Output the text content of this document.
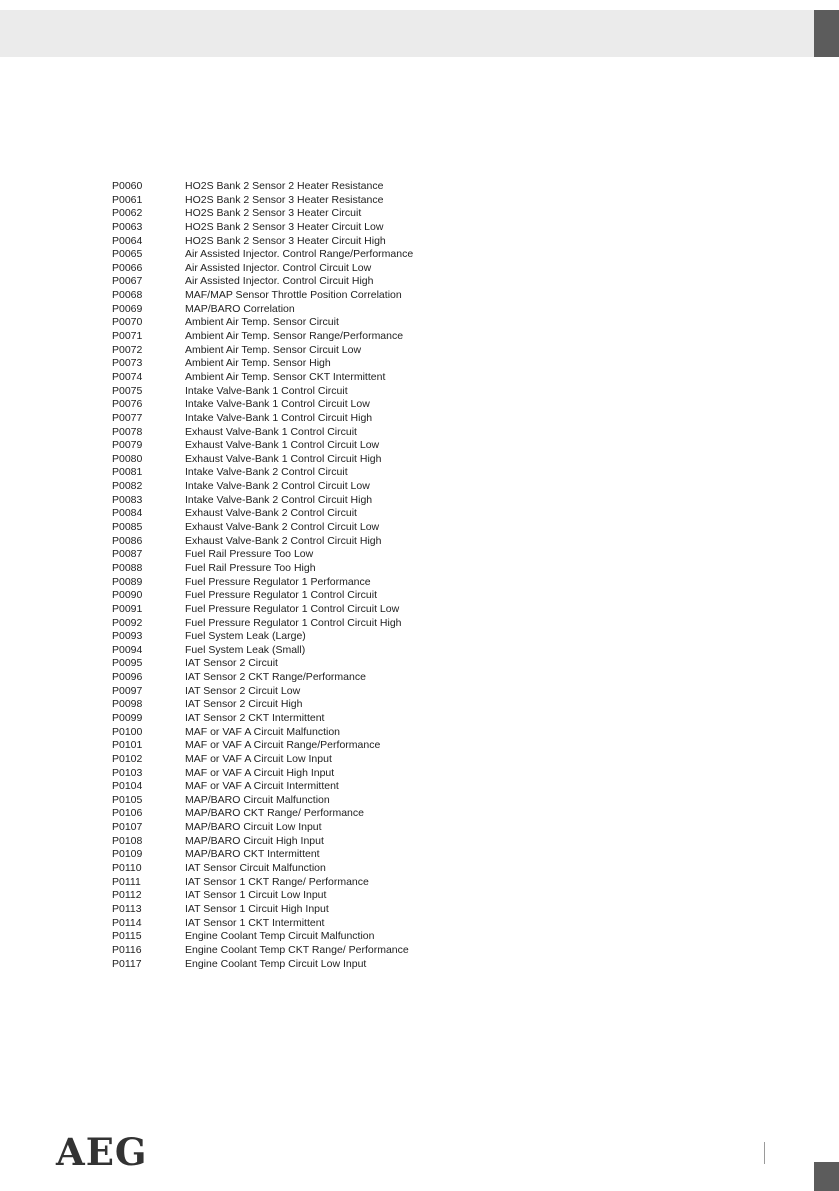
P0060	HO2S Bank 2 Sensor 2 Heater Resistance
P0061	HO2S Bank 2 Sensor 3 Heater Resistance
P0062	HO2S Bank 2 Sensor 3 Heater Circuit
P0063	HO2S Bank 2 Sensor 3 Heater Circuit Low
P0064	HO2S Bank 2 Sensor 3 Heater Circuit High
P0065	Air Assisted Injector. Control Range/Performance
P0066	Air Assisted Injector. Control Circuit Low
P0067	Air Assisted Injector. Control Circuit High
P0068	MAF/MAP Sensor Throttle Position Correlation
P0069	MAP/BARO Correlation
P0070	Ambient Air Temp. Sensor Circuit
P0071	Ambient Air Temp. Sensor Range/Performance
P0072	Ambient Air Temp. Sensor Circuit Low
P0073	Ambient Air Temp. Sensor High
P0074	Ambient Air Temp. Sensor CKT Intermittent
P0075	Intake Valve-Bank 1 Control Circuit
P0076	Intake Valve-Bank 1 Control Circuit Low
P0077	Intake Valve-Bank 1 Control Circuit High
P0078	Exhaust Valve-Bank 1 Control Circuit
P0079	Exhaust Valve-Bank 1 Control Circuit Low
P0080	Exhaust Valve-Bank 1 Control Circuit High
P0081	Intake Valve-Bank 2 Control Circuit
P0082	Intake Valve-Bank 2 Control Circuit Low
P0083	Intake Valve-Bank 2 Control Circuit High
P0084	Exhaust Valve-Bank 2 Control Circuit
P0085	Exhaust Valve-Bank 2 Control Circuit Low
P0086	Exhaust Valve-Bank 2 Control Circuit High
P0087	Fuel Rail Pressure Too Low
P0088	Fuel Rail Pressure Too High
P0089	Fuel Pressure Regulator 1 Performance
P0090	Fuel Pressure Regulator 1 Control Circuit
P0091	Fuel Pressure Regulator 1 Control Circuit Low
P0092	Fuel Pressure Regulator 1 Control Circuit High
P0093	Fuel System Leak (Large)
P0094	Fuel System Leak (Small)
P0095	IAT Sensor 2 Circuit
P0096	IAT Sensor 2 CKT Range/Performance
P0097	IAT Sensor 2 Circuit Low
P0098	IAT Sensor 2 Circuit High
P0099	IAT Sensor 2 CKT Intermittent
P0100	MAF or VAF A Circuit Malfunction
P0101	MAF or VAF A Circuit Range/Performance
P0102	MAF or VAF A Circuit Low Input
P0103	MAF or VAF A Circuit High Input
P0104	MAF or VAF A Circuit Intermittent
P0105	MAP/BARO Circuit Malfunction
P0106	MAP/BARO CKT Range/ Performance
P0107	MAP/BARO Circuit Low Input
P0108	MAP/BARO Circuit High Input
P0109	MAP/BARO CKT Intermittent
P0110	IAT Sensor Circuit Malfunction
P0111	IAT Sensor 1 CKT Range/ Performance
P0112	IAT Sensor 1 Circuit Low Input
P0113	IAT Sensor 1 Circuit High Input
P0114	IAT Sensor 1 CKT Intermittent
P0115	Engine Coolant Temp Circuit Malfunction
P0116	Engine Coolant Temp CKT Range/ Performance
P0117	Engine Coolant Temp Circuit Low Input
AEG
